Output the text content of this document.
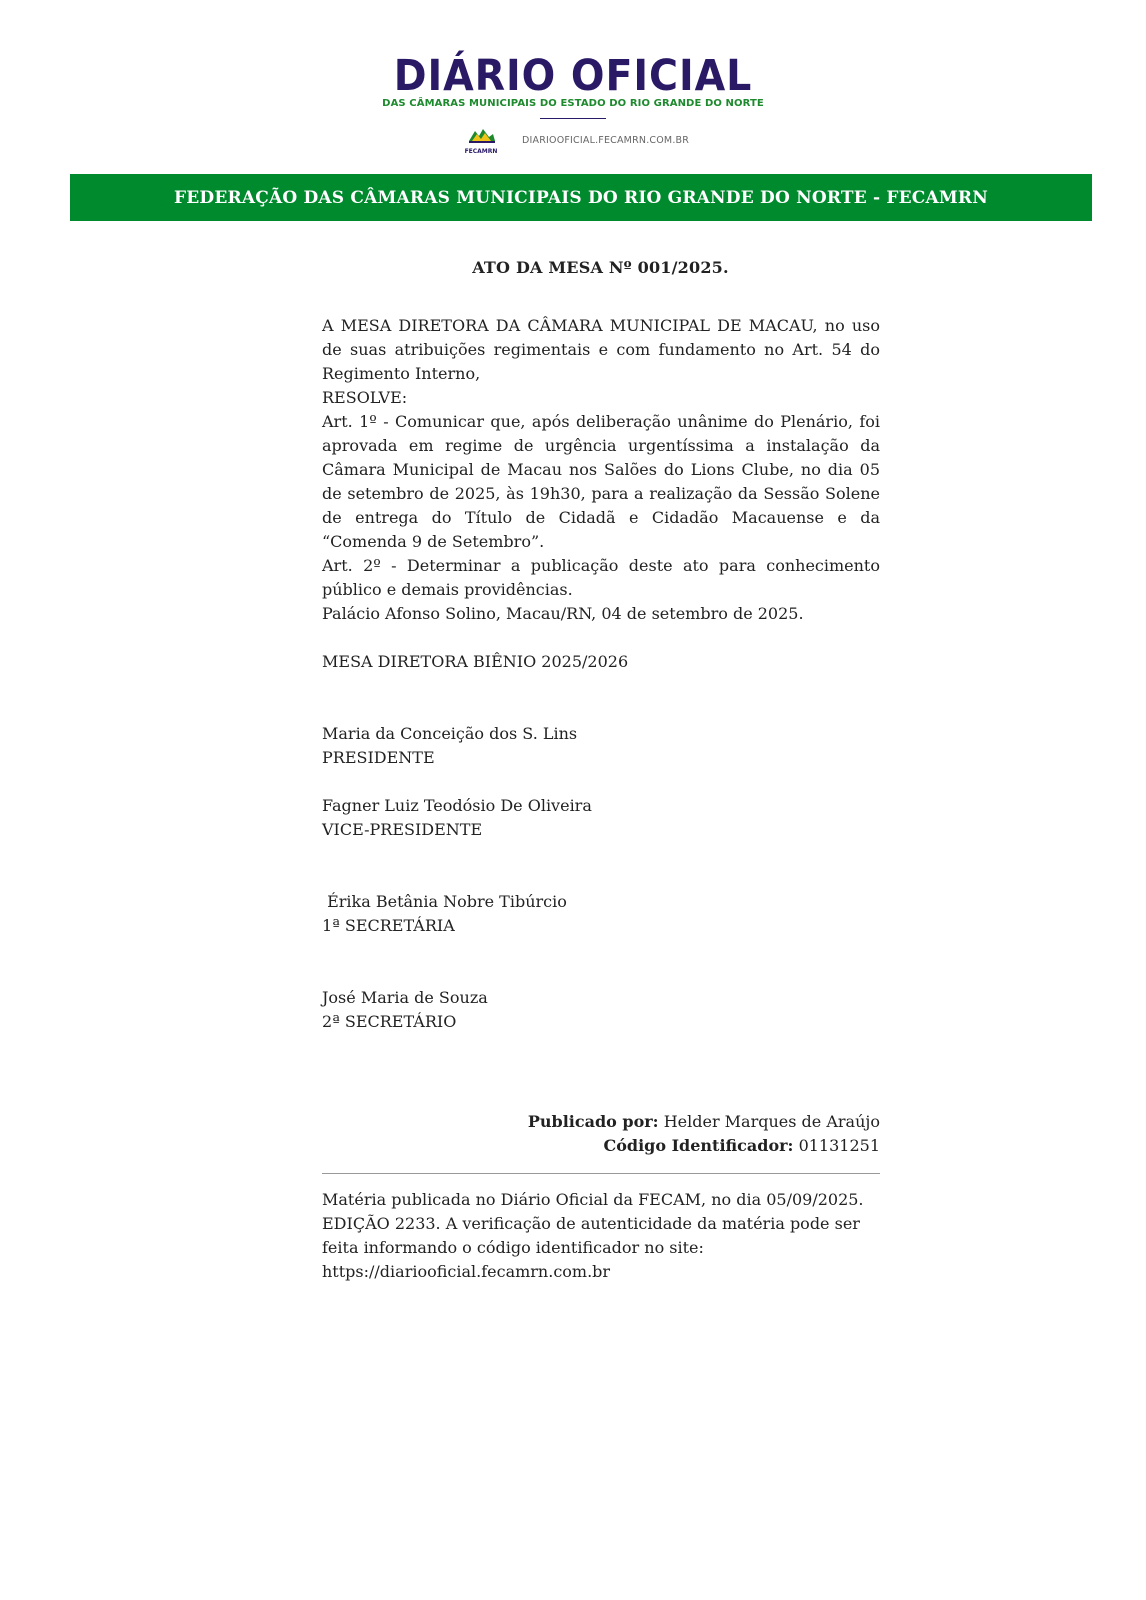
DIÁRIO OFICIAL
DAS CÂMARAS MUNICIPAIS DO ESTADO DO RIO GRANDE DO NORTE
FECAMRN
DIARIOOFICIAL.FECAMRN.COM.BR
FEDERAÇÃO DAS CÂMARAS MUNICIPAIS DO RIO GRANDE DO NORTE - FECAMRN
ATO DA MESA Nº 001/2025.
A MESA DIRETORA DA CÂMARA MUNICIPAL DE MACAU, no uso de suas atribuições regimentais e com fundamento no Art. 54 do Regimento Interno,
RESOLVE:
Art. 1º - Comunicar que, após deliberação unânime do Plenário, foi aprovada em regime de urgência urgentíssima a instalação da Câmara Municipal de Macau nos Salões do Lions Clube, no dia 05 de setembro de 2025, às 19h30, para a realização da Sessão Solene de entrega do Título de Cidadã e Cidadão Macauense e da “Comenda 9 de Setembro”.
Art. 2º - Determinar a publicação deste ato para conhecimento público e demais providências.
Palácio Afonso Solino, Macau/RN, 04 de setembro de 2025.
MESA DIRETORA BIÊNIO 2025/2026
Maria da Conceição dos S. Lins
PRESIDENTE
Fagner Luiz Teodósio De Oliveira
VICE-PRESIDENTE
Érika Betânia Nobre Tibúrcio
1ª SECRETÁRIA
José Maria de Souza
2ª SECRETÁRIO
Publicado por: Helder Marques de Araújo
Código Identificador: 01131251
Matéria publicada no Diário Oficial da FECAM, no dia 05/09/2025.
EDIÇÃO 2233. A verificação de autenticidade da matéria pode ser
feita informando o código identificador no site:
https://diariooficial.fecamrn.com.br
